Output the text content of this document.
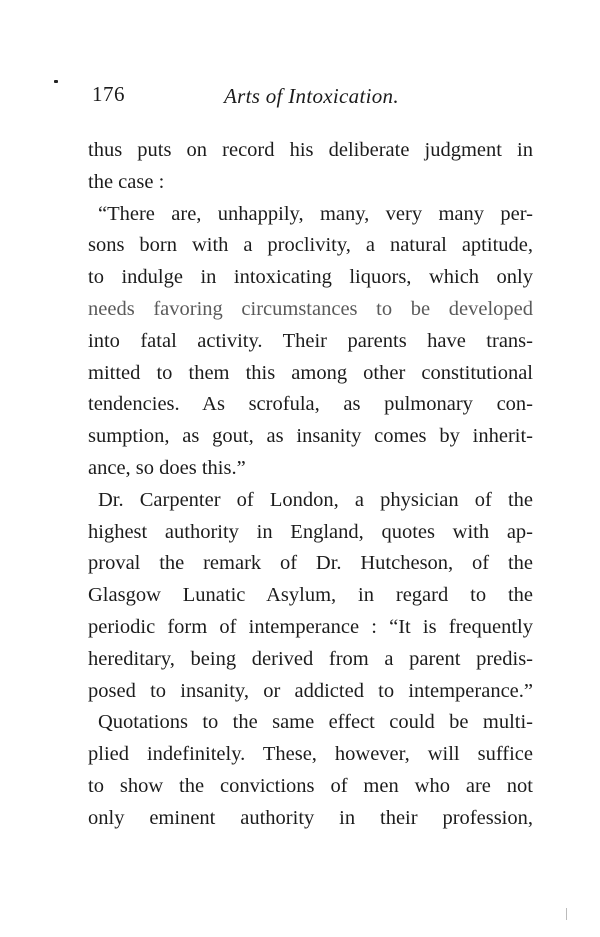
176	Arts of Intoxication.
thus puts on record his deliberate judgment in
the case :
“There are, unhappily, many, very many per-
sons born with a proclivity, a natural aptitude,
to indulge in intoxicating liquors, which only
needs favoring circumstances to be developed
into fatal activity. Their parents have trans-
mitted to them this among other constitutional
tendencies. As scrofula, as pulmonary con-
sumption, as gout, as insanity comes by inherit-
ance, so does this.”
Dr. Carpenter of London, a physician of the
highest authority in England, quotes with ap-
proval the remark of Dr. Hutcheson, of the
Glasgow Lunatic Asylum, in regard to the
periodic form of intemperance : “It is frequently
hereditary, being derived from a parent predis-
posed to insanity, or addicted to intemperance.”
Quotations to the same effect could be multi-
plied indefinitely. These, however, will suffice
to show the convictions of men who are not
only eminent authority in their profession,
